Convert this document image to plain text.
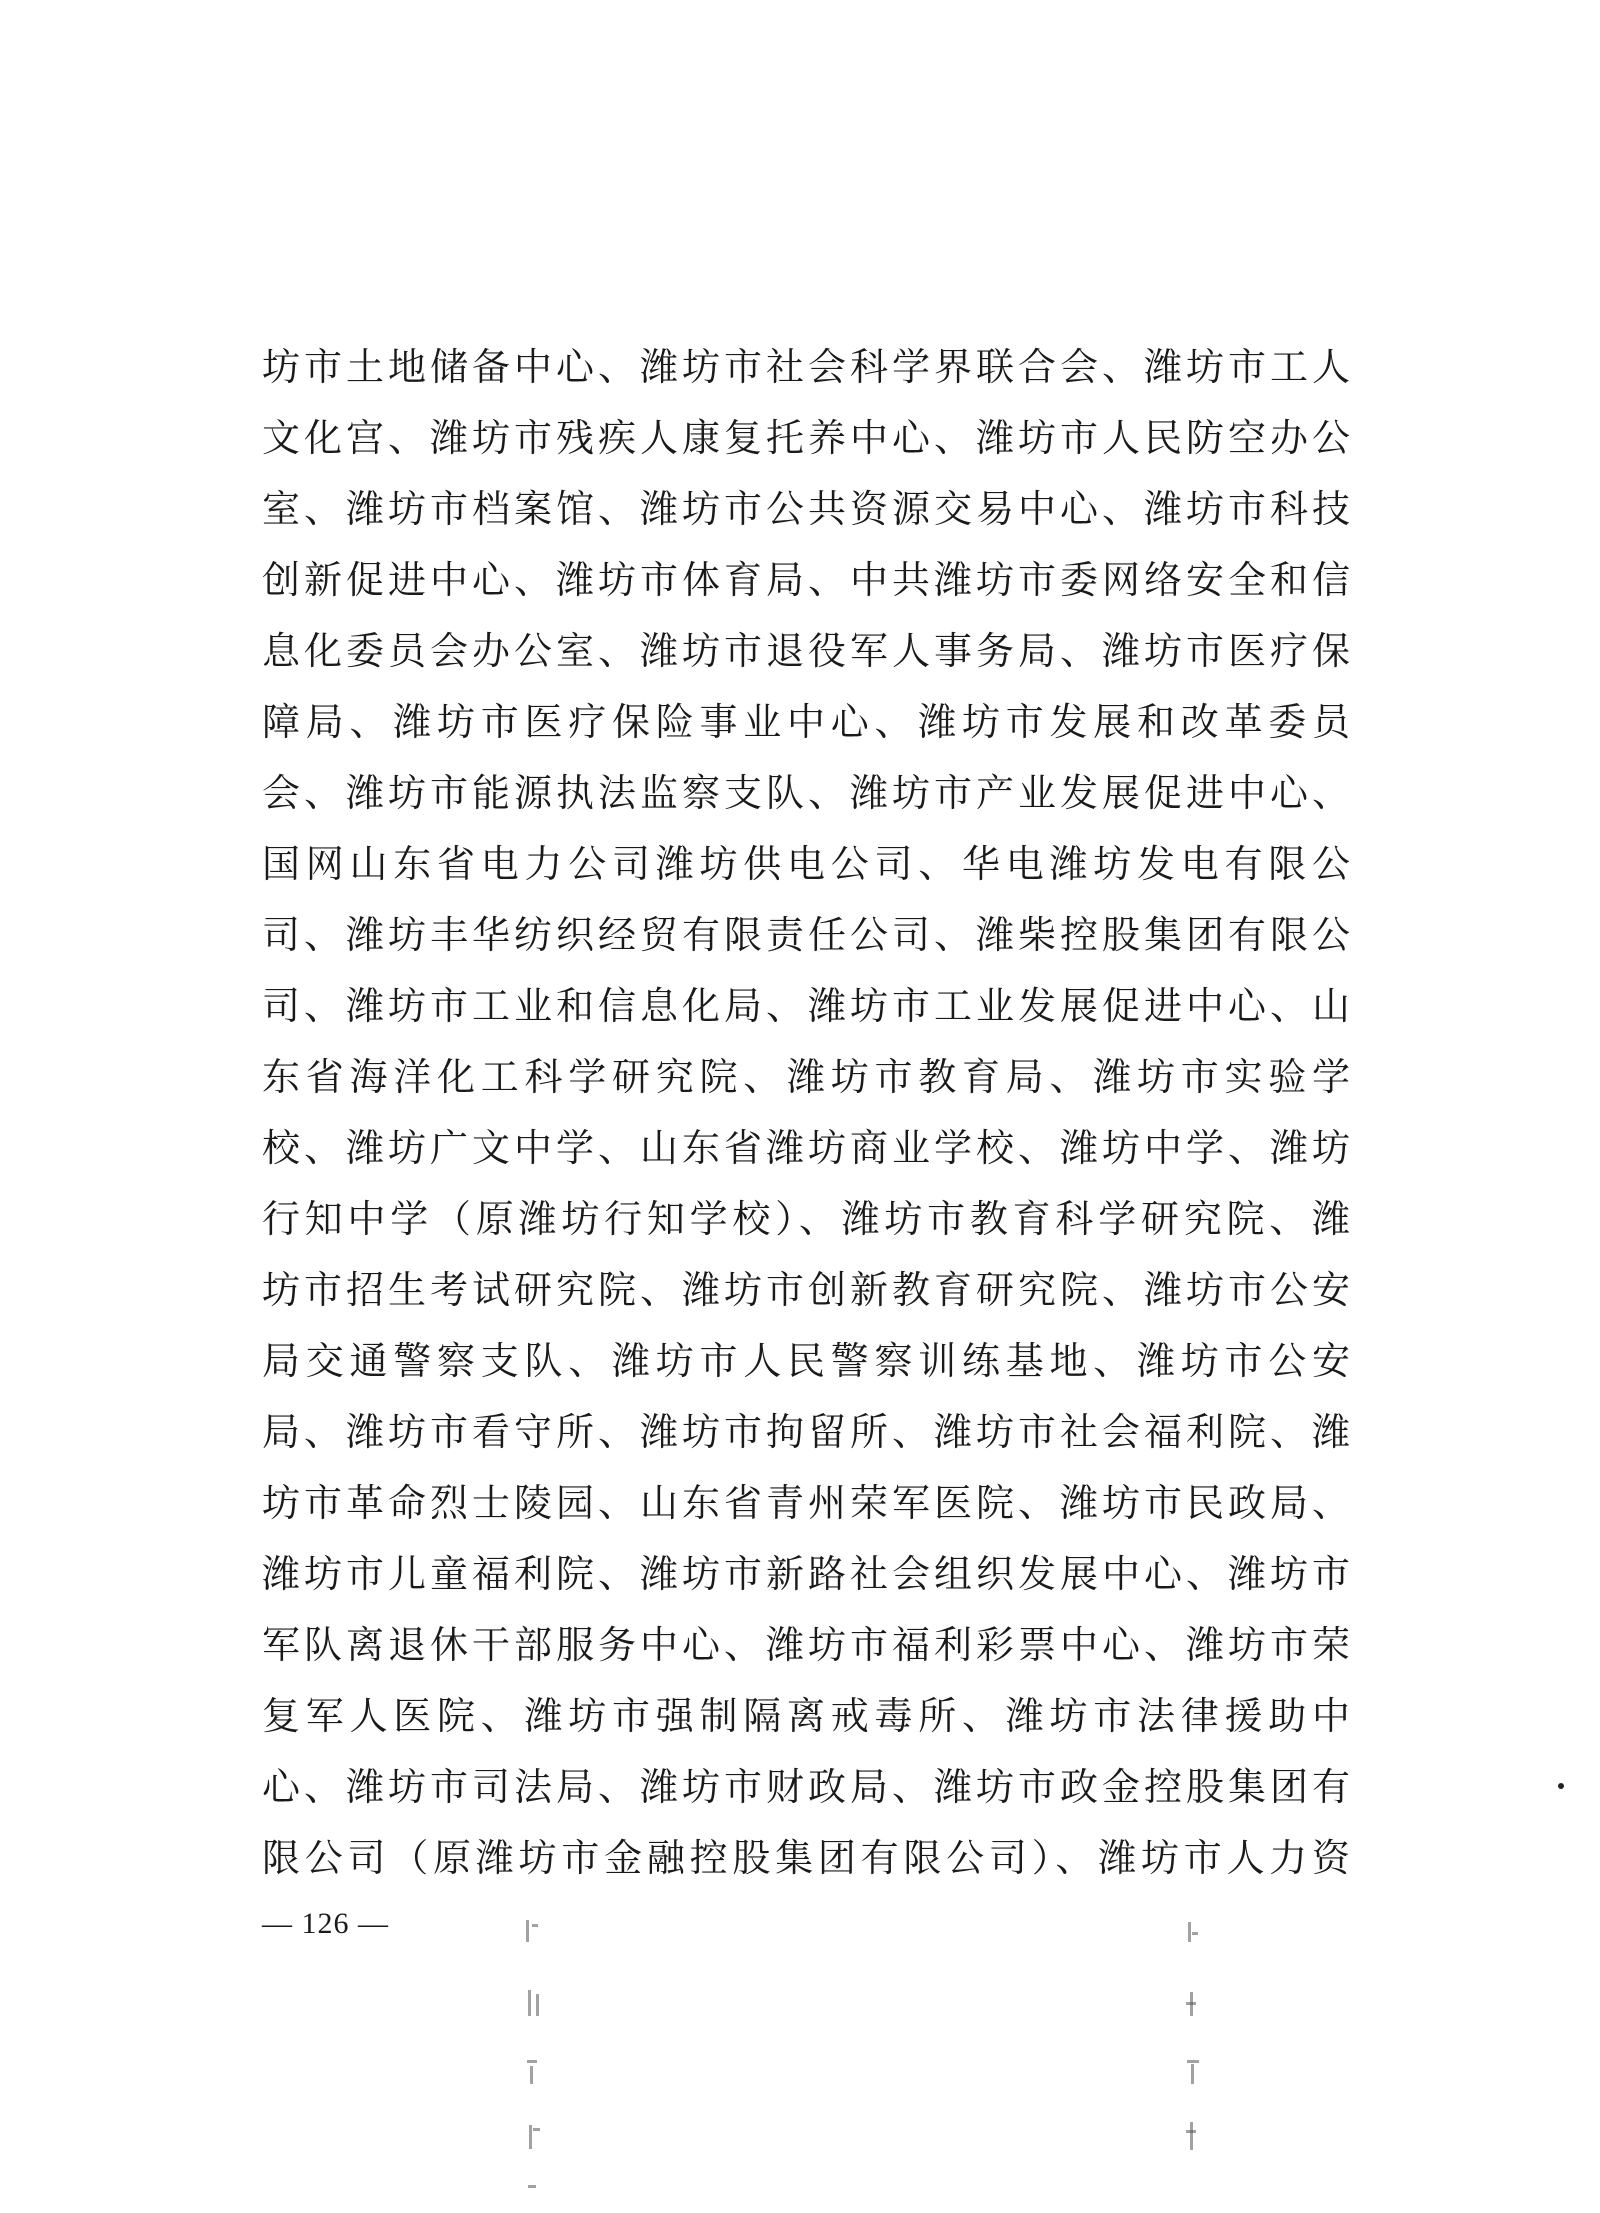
坊市土地储备中心、潍坊市社会科学界联合会、潍坊市工人
文化宫、潍坊市残疾人康复托养中心、潍坊市人民防空办公
室、潍坊市档案馆、潍坊市公共资源交易中心、潍坊市科技
创新促进中心、潍坊市体育局、中共潍坊市委网络安全和信
息化委员会办公室、潍坊市退役军人事务局、潍坊市医疗保
障局、潍坊市医疗保险事业中心、潍坊市发展和改革委员
会、潍坊市能源执法监察支队、潍坊市产业发展促进中心、
国网山东省电力公司潍坊供电公司、华电潍坊发电有限公
司、潍坊丰华纺织经贸有限责任公司、潍柴控股集团有限公
司、潍坊市工业和信息化局、潍坊市工业发展促进中心、山
东省海洋化工科学研究院、潍坊市教育局、潍坊市实验学
校、潍坊广文中学、山东省潍坊商业学校、潍坊中学、潍坊
行知中学（原潍坊行知学校）、潍坊市教育科学研究院、潍
坊市招生考试研究院、潍坊市创新教育研究院、潍坊市公安
局交通警察支队、潍坊市人民警察训练基地、潍坊市公安
局、潍坊市看守所、潍坊市拘留所、潍坊市社会福利院、潍
坊市革命烈士陵园、山东省青州荣军医院、潍坊市民政局、
潍坊市儿童福利院、潍坊市新路社会组织发展中心、潍坊市
军队离退休干部服务中心、潍坊市福利彩票中心、潍坊市荣
复军人医院、潍坊市强制隔离戒毒所、潍坊市法律援助中
心、潍坊市司法局、潍坊市财政局、潍坊市政金控股集团有
限公司（原潍坊市金融控股集团有限公司）、潍坊市人力资
— 126 —
